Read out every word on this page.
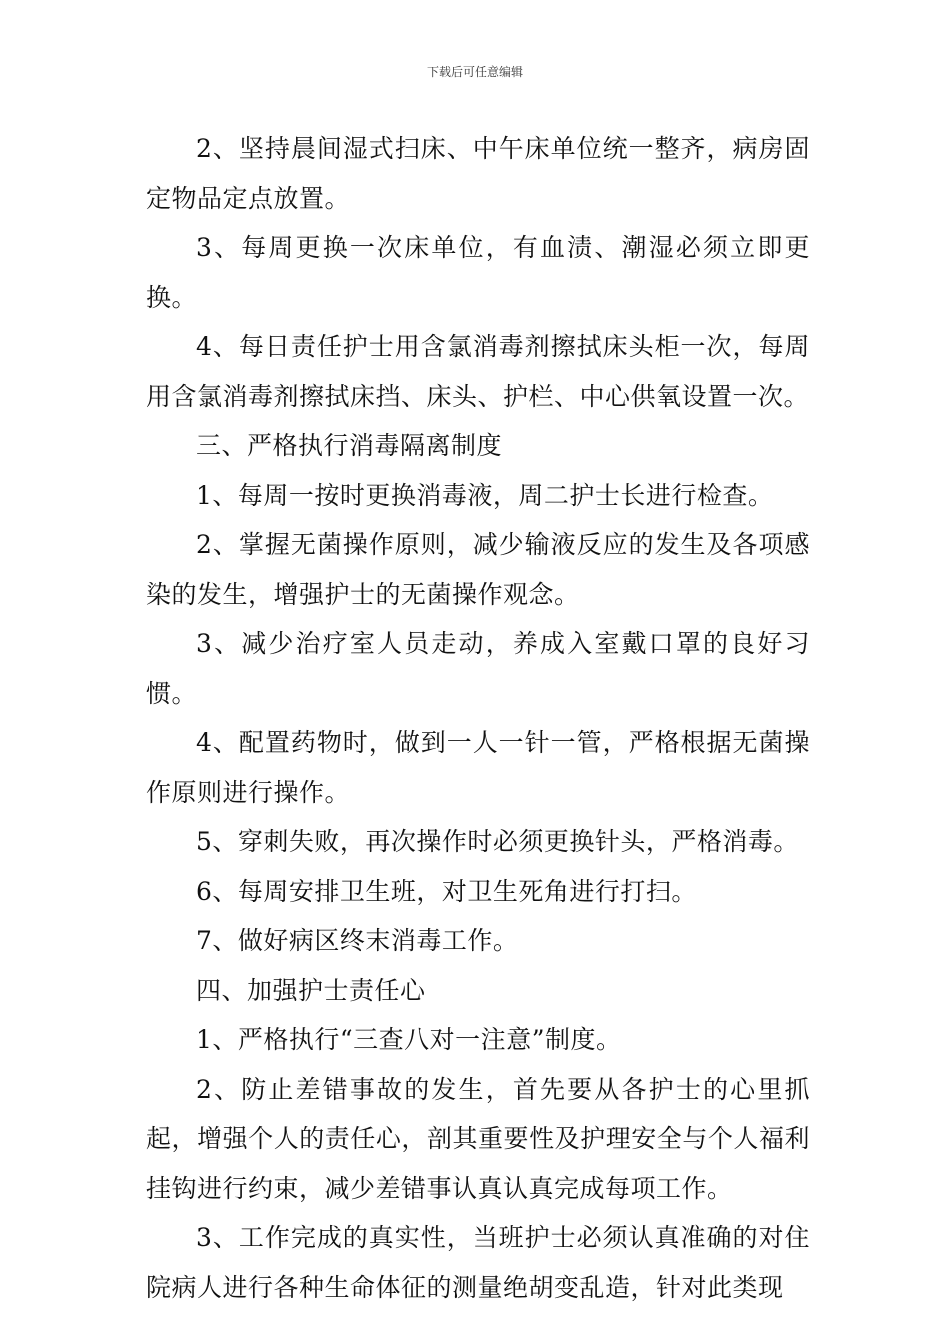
下载后可任意编辑

2、坚持晨间湿式扫床、中午床单位统一整齐，病房固定物品定点放置。

3、每周更换一次床单位，有血渍、潮湿必须立即更换。

4、每日责任护士用含氯消毒剂擦拭床头柜一次，每周用含氯消毒剂擦拭床挡、床头、护栏、中心供氧设置一次。

三、严格执行消毒隔离制度

1、每周一按时更换消毒液，周二护士长进行检查。

2、掌握无菌操作原则，减少输液反应的发生及各项感染的发生，增强护士的无菌操作观念。

3、减少治疗室人员走动，养成入室戴口罩的良好习惯。

4、配置药物时，做到一人一针一管，严格根据无菌操作原则进行操作。

5、穿刺失败，再次操作时必须更换针头，严格消毒。

6、每周安排卫生班，对卫生死角进行打扫。

7、做好病区终末消毒工作。

四、加强护士责任心

1、严格执行“三查八对一注意”制度。

2、防止差错事故的发生，首先要从各护士的心里抓起，增强个人的责任心，剖其重要性及护理安全与个人福利挂钩进行约束，减少差错事认真认真完成每项工作。

3、工作完成的真实性，当班护士必须认真准确的对住院病人进行各种生命体征的测量绝胡变乱造，针对此类现
